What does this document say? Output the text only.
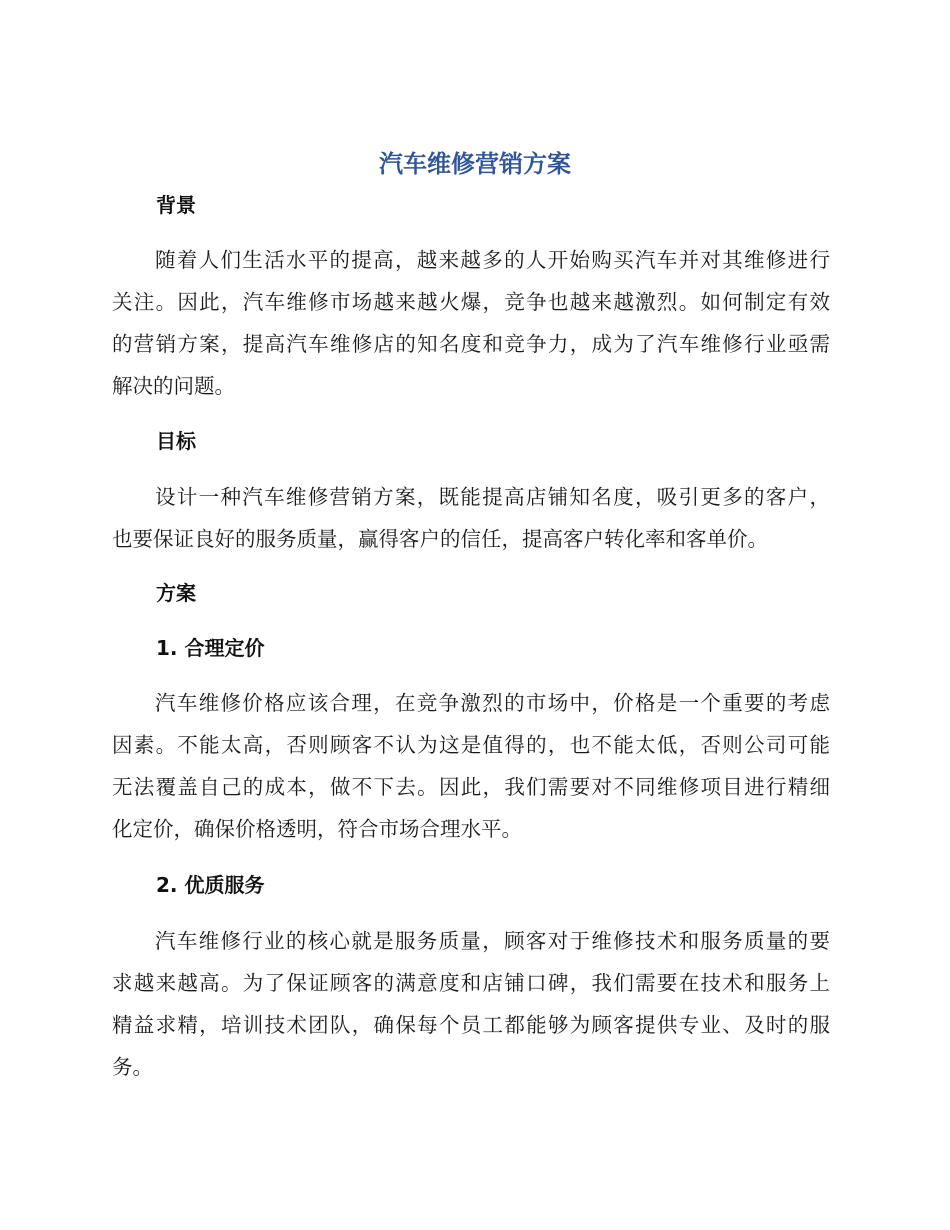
汽车维修营销方案
背景
随着人们生活水平的提高，越来越多的人开始购买汽车并对其维修进行
关注。因此，汽车维修市场越来越火爆，竞争也越来越激烈。如何制定有效
的营销方案，提高汽车维修店的知名度和竞争力，成为了汽车维修行业亟需
解决的问题。
目标
设计一种汽车维修营销方案，既能提高店铺知名度，吸引更多的客户，
也要保证良好的服务质量，赢得客户的信任，提高客户转化率和客单价。
方案
1. 合理定价
汽车维修价格应该合理，在竞争激烈的市场中，价格是一个重要的考虑
因素。不能太高，否则顾客不认为这是值得的，也不能太低，否则公司可能
无法覆盖自己的成本，做不下去。因此，我们需要对不同维修项目进行精细
化定价，确保价格透明，符合市场合理水平。
2. 优质服务
汽车维修行业的核心就是服务质量，顾客对于维修技术和服务质量的要
求越来越高。为了保证顾客的满意度和店铺口碑，我们需要在技术和服务上
精益求精，培训技术团队，确保每个员工都能够为顾客提供专业、及时的服
务。
